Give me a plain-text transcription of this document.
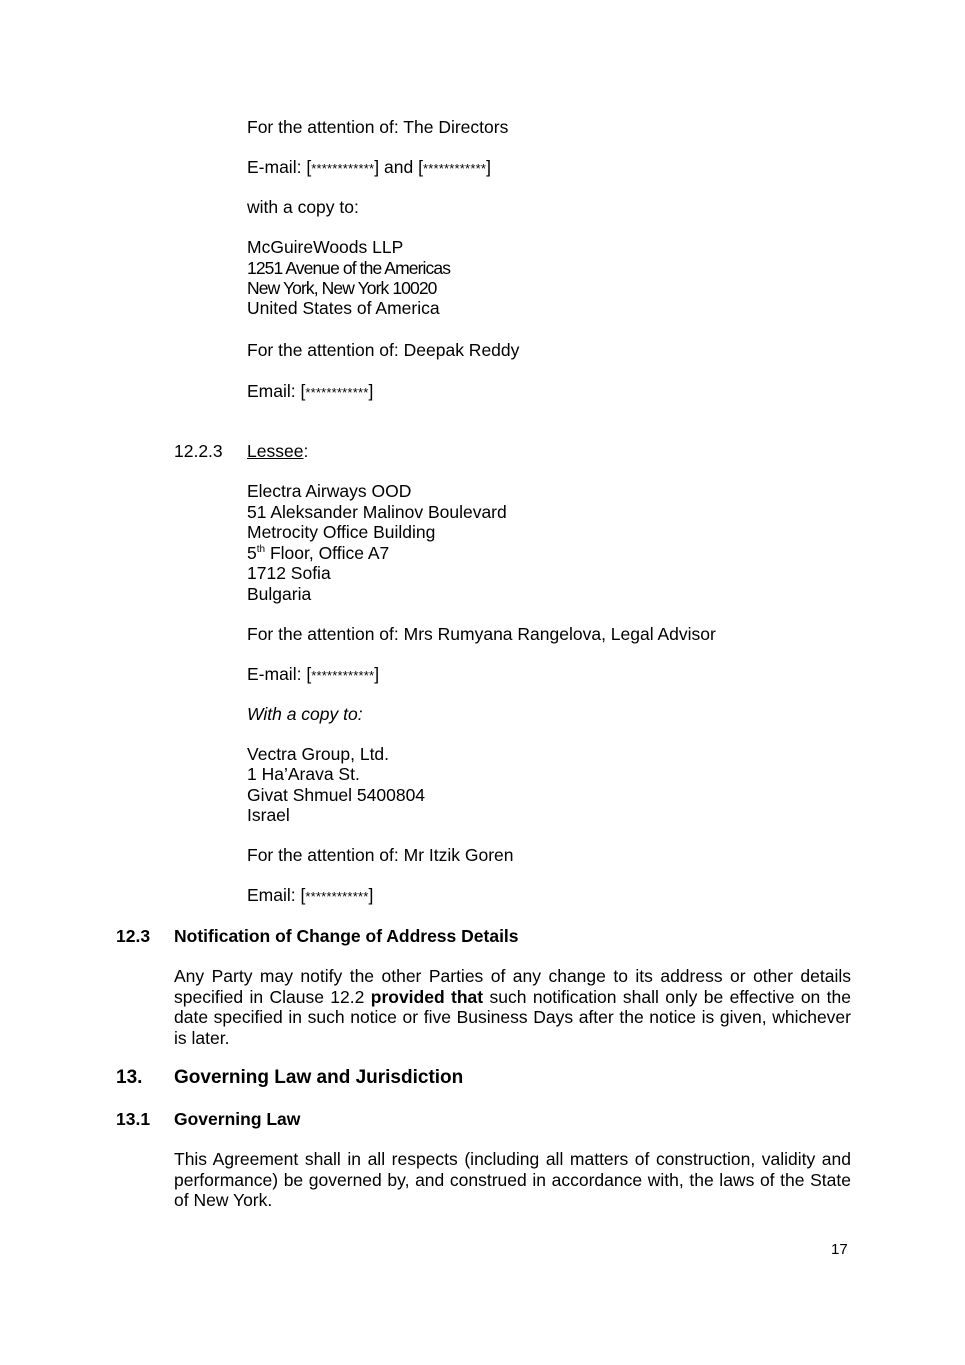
For the attention of: The Directors
E-mail: [************] and [************]
with a copy to:
McGuireWoods LLP
1251 Avenue of the Americas
New York, New York 10020
United States of America
For the attention of: Deepak Reddy
Email: [************]
12.2.3 Lessee:
Electra Airways OOD
51 Aleksander Malinov Boulevard
Metrocity Office Building
5th Floor, Office A7
1712 Sofia
Bulgaria
For the attention of: Mrs Rumyana Rangelova, Legal Advisor
E-mail: [************]
With a copy to:
Vectra Group, Ltd.
1 Ha’Arava St.
Givat Shmuel 5400804
Israel
For the attention of: Mr Itzik Goren
Email: [************]
12.3 Notification of Change of Address Details
Any Party may notify the other Parties of any change to its address or other details specified in Clause 12.2 provided that such notification shall only be effective on the date specified in such notice or five Business Days after the notice is given, whichever is later.
13. Governing Law and Jurisdiction
13.1 Governing Law
This Agreement shall in all respects (including all matters of construction, validity and performance) be governed by, and construed in accordance with, the laws of the State of New York.
17
